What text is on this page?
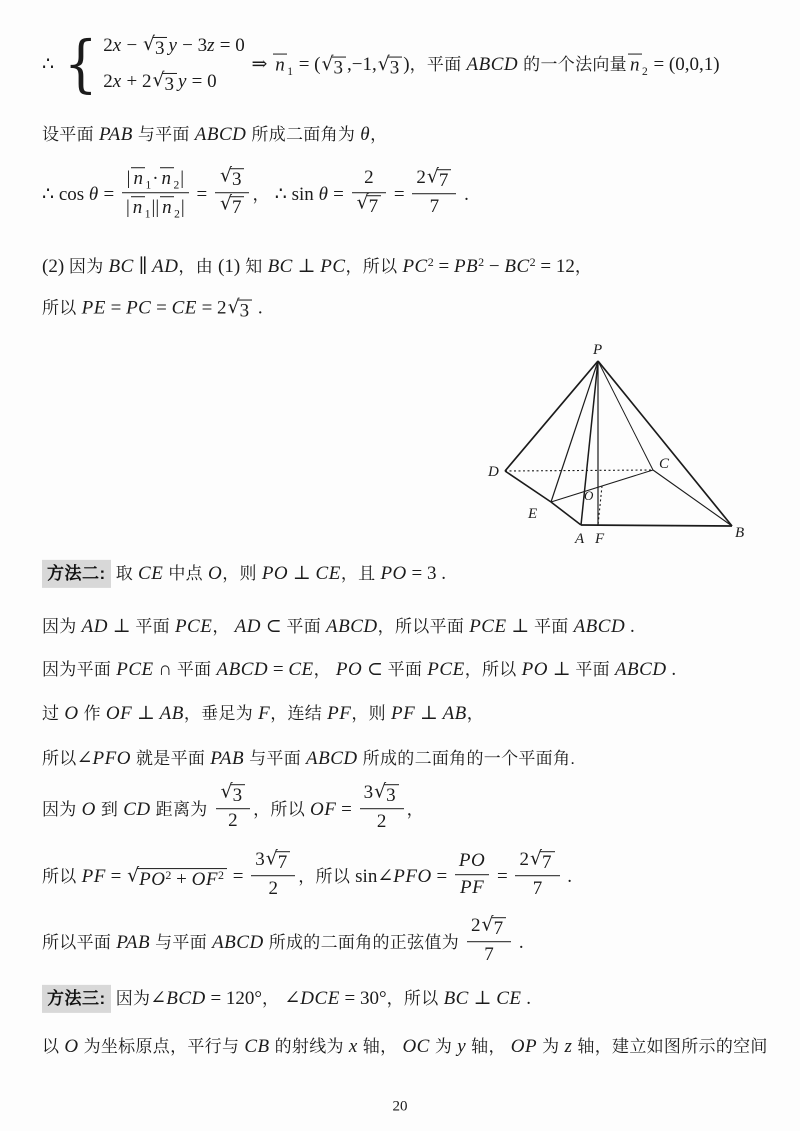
∴ { 2x − √ 3 y − 3z = 0
2x + 2 √ 3 y = 0
⇒ n $_1$ = ( √ 3 ,−1, √ 3 )，平面 ABCD 的一个法向量 n $_2$ = (0,0,1)
设平面 PAB 与平面 ABCD 所成二面角为 θ，
∴ $\cos \theta = \frac{| n _1 \cdot n _2 |}{| n _1 || n _2 |} = \frac{√ 3}{√ 7}$ ， ∴ $\sin \theta = \frac{2}{√ 7} = \frac{2 √ 7}{7}$ .
(2) 因为 BC ∥ AD，由 (1) 知 BC ⊥ PC，所以 $PC^2 = PB^2 - BC^2 = 12$，
所以 PE = PC = CE = 2 √ 3 .
P
D	C
E
A F	B
O
方法二: 取 CE 中点 O，则 PO ⊥ CE，且 PO = 3 .
因为 AD ⊥ 平面 PCE， AD ⊂ 平面 ABCD，所以平面 PCE ⊥ 平面 ABCD .
因为平面 PCE ∩ 平面 ABCD = CE， PO ⊂ 平面 PCE，所以 PO ⊥ 平面 ABCD .
过 O 作 OF ⊥ AB，垂足为 F，连结 PF，则 PF ⊥ AB，
所以∠PFO 就是平面 PAB 与平面 ABCD 所成的二面角的一个平面角.
因为 O 到 CD 距离为 $\frac{√ 3}{2}$ ，所以 OF = $\frac{3 √ 3}{2}$ ，
所以 PF = √ $PO^2 + OF^2 = \frac{3 √ 7}{2}$ ，所以 sin∠PFO = $\frac{PO}{PF} = \frac{2 √ 7}{7}$ .
所以平面 PAB 与平面 ABCD 所成的二面角的正弦值为 $\frac{2 √ 7}{7}$ .
方法三: 因为∠BCD = 120°， ∠DCE = 30°，所以 BC ⊥ CE .
以 O 为坐标原点，平行与 CB 的射线为 x 轴， OC 为 y 轴， OP 为 z 轴，建立如图所示的空间
20
